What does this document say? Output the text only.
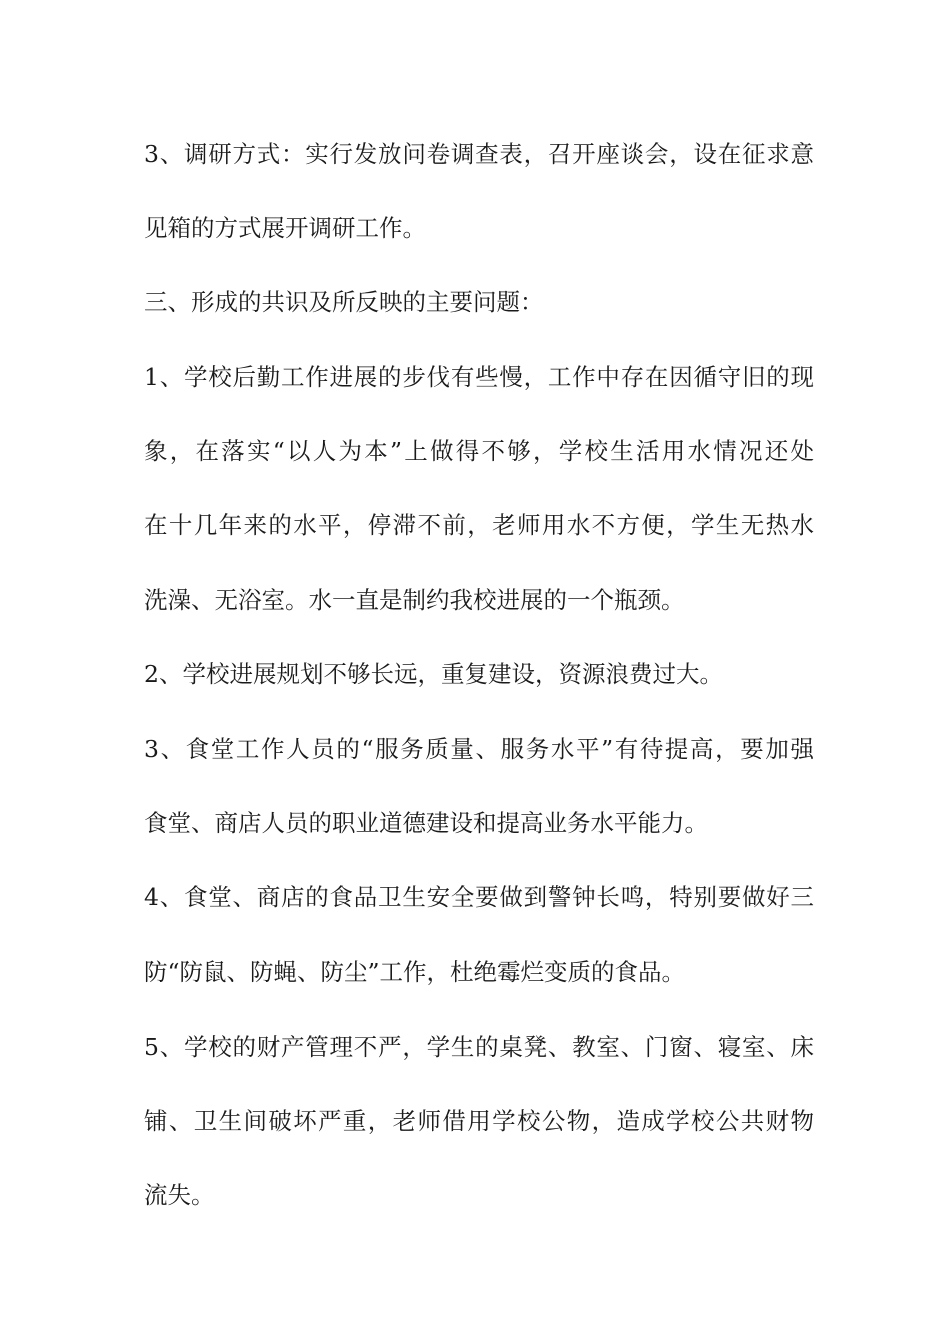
3、调研方式：实行发放问卷调查表，召开座谈会，设在征求意
见箱的方式展开调研工作。
三、形成的共识及所反映的主要问题：
1、学校后勤工作进展的步伐有些慢，工作中存在因循守旧的现
象，在落实“以人为本”上做得不够，学校生活用水情况还处
在十几年来的水平，停滞不前，老师用水不方便，学生无热水
洗澡、无浴室。水一直是制约我校进展的一个瓶颈。
2、学校进展规划不够长远，重复建设，资源浪费过大。
3、食堂工作人员的“服务质量、服务水平”有待提高，要加强
食堂、商店人员的职业道德建设和提高业务水平能力。
4、食堂、商店的食品卫生安全要做到警钟长鸣，特别要做好三
防“防鼠、防蝇、防尘”工作，杜绝霉烂变质的食品。
5、学校的财产管理不严，学生的桌凳、教室、门窗、寝室、床
铺、卫生间破坏严重，老师借用学校公物，造成学校公共财物
流失。
